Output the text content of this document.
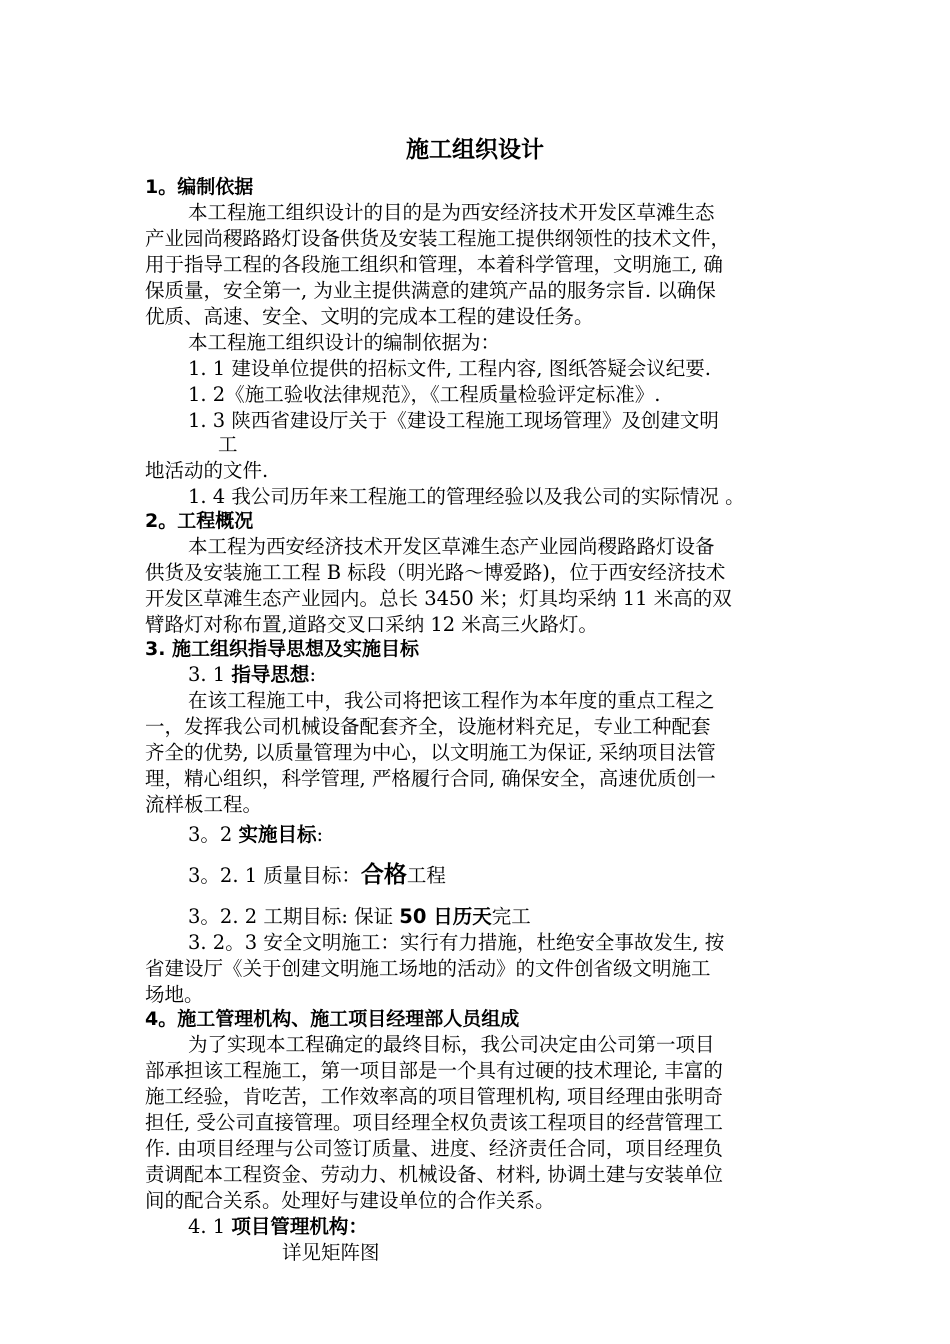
施工组织设计
1。编制依据
本工程施工组织设计的目的是为西安经济技术开发区草滩生态
产业园尚稷路路灯设备供货及安装工程施工提供纲领性的技术文件，
用于指导工程的各段施工组织和管理，本着科学管理，文明施工, 确
保质量，安全第一, 为业主提供满意的建筑产品的服务宗旨. 以确保
优质、高速、安全、文明的完成本工程的建设任务。
本工程施工组织设计的编制依据为：
1. 1 建设单位提供的招标文件, 工程内容, 图纸答疑会议纪要.
1. 2《施工验收法律规范》，《工程质量检验评定标准》.
1. 3 陕西省建设厅关于《建设工程施工现场管理》及创建文明
工
地活动的文件.
1. 4 我公司历年来工程施工的管理经验以及我公司的实际情况 。
2。工程概况
本工程为西安经济技术开发区草滩生态产业园尚稷路路灯设备
供货及安装施工工程 B 标段（明光路～博爱路)，位于西安经济技术
开发区草滩生态产业园内。总长 3450 米；灯具均采纳 11 米高的双
臂路灯对称布置,道路交叉口采纳 12 米高三火路灯。
3. 施工组织指导思想及实施目标
3. 1 指导思想:
在该工程施工中，我公司将把该工程作为本年度的重点工程之
一，发挥我公司机械设备配套齐全，设施材料充足，专业工种配套
齐全的优势, 以质量管理为中心，以文明施工为保证, 采纳项目法管
理，精心组织，科学管理, 严格履行合同, 确保安全，高速优质创一
流样板工程。
3。2 实施目标:
3。2. 1 质量目标：合格工程
3。2. 2 工期目标: 保证 50 日历天完工
3. 2。3 安全文明施工：实行有力措施，杜绝安全事故发生, 按
省建设厅《关于创建文明施工场地的活动》的文件创省级文明施工
场地。
4。施工管理机构、施工项目经理部人员组成
为了实现本工程确定的最终目标，我公司决定由公司第一项目
部承担该工程施工，第一项目部是一个具有过硬的技术理论, 丰富的
施工经验，肯吃苦，工作效率高的项目管理机构, 项目经理由张明奇
担任, 受公司直接管理。项目经理全权负责该工程项目的经营管理工
作. 由项目经理与公司签订质量、进度、经济责任合同，项目经理负
责调配本工程资金、劳动力、机械设备、材料, 协调土建与安装单位
间的配合关系。处理好与建设单位的合作关系。
4. 1 项目管理机构：
详见矩阵图
